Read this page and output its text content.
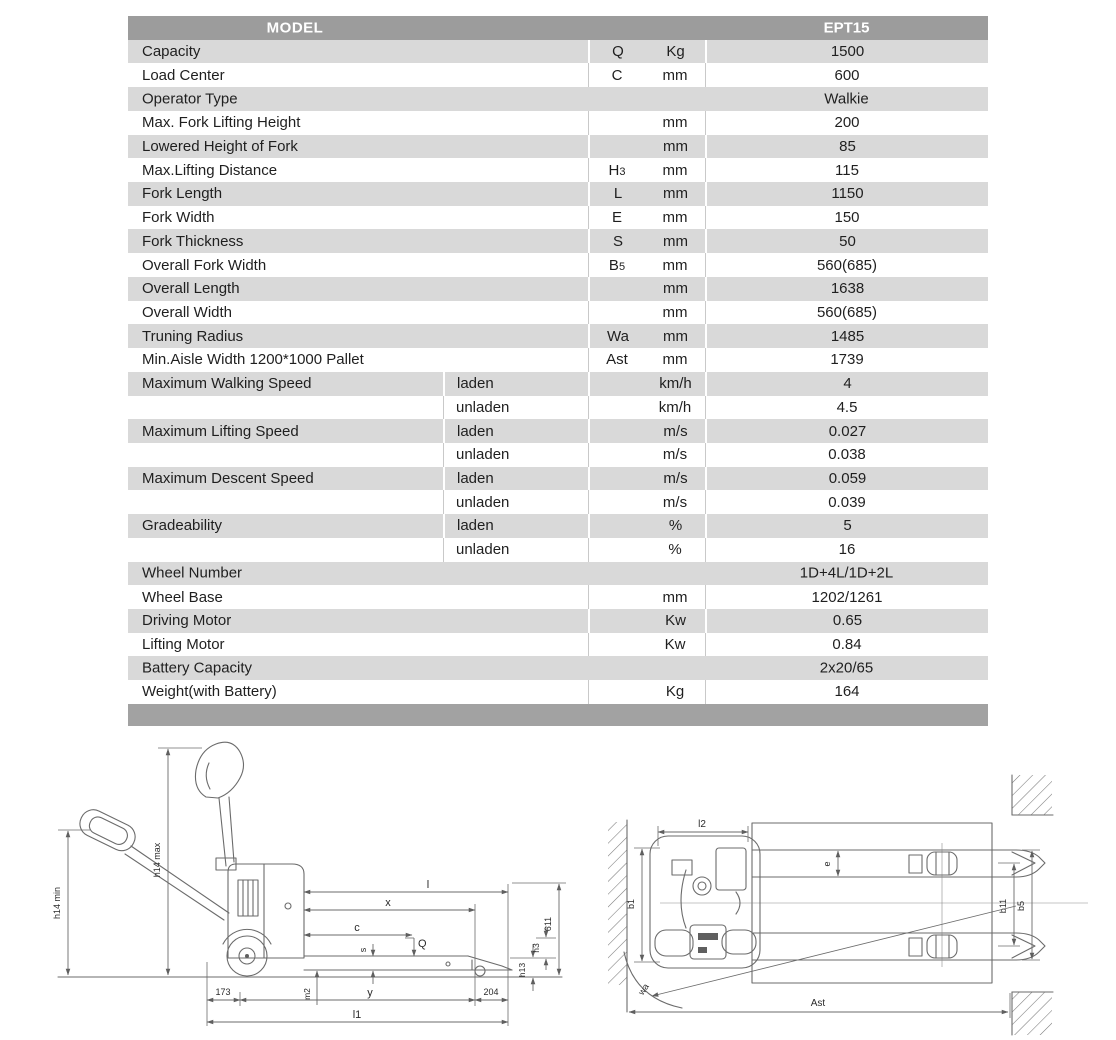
MODEL	EPT15
Capacity	Q	Kg	1500
Load Center	C	mm	600
Operator Type	Walkie
Max. Fork Lifting Height	mm	200
Lowered Height of Fork	mm	85
Max.Lifting Distance	H 3	mm	115
Fork Length	L	mm	1150
Fork Width	E	mm	150
Fork Thickness	S	mm	50
Overall Fork Width	B 5	mm	560(685)
Overall Length	mm	1638
Overall Width	mm	560(685)
Truning Radius	Wa	mm	1485
Min.Aisle Width 1200*1000 Pallet	Ast	mm	1739
Maximum Walking Speed	laden	km/h	4
unladen	km/h	4.5
Maximum Lifting Speed	laden	m/s	0.027
unladen	m/s	0.038
Maximum Descent Speed	laden	m/s	0.059
unladen	m/s	0.039
Gradeability	laden	%	5
unladen	%	16
Wheel Number	1D+4L/1D+2L
Wheel Base	mm	1202/1261
Driving Motor	Kw	0.65
Lifting Motor	Kw	0.84
Battery Capacity	2x20/65
Weight(with Battery)	Kg	164
h14 min
h14 max
l
x
c
Q
s
m2
173	y	204
l1
h13
h3
611
l2
b1
e
b11 b5
wa
Ast
